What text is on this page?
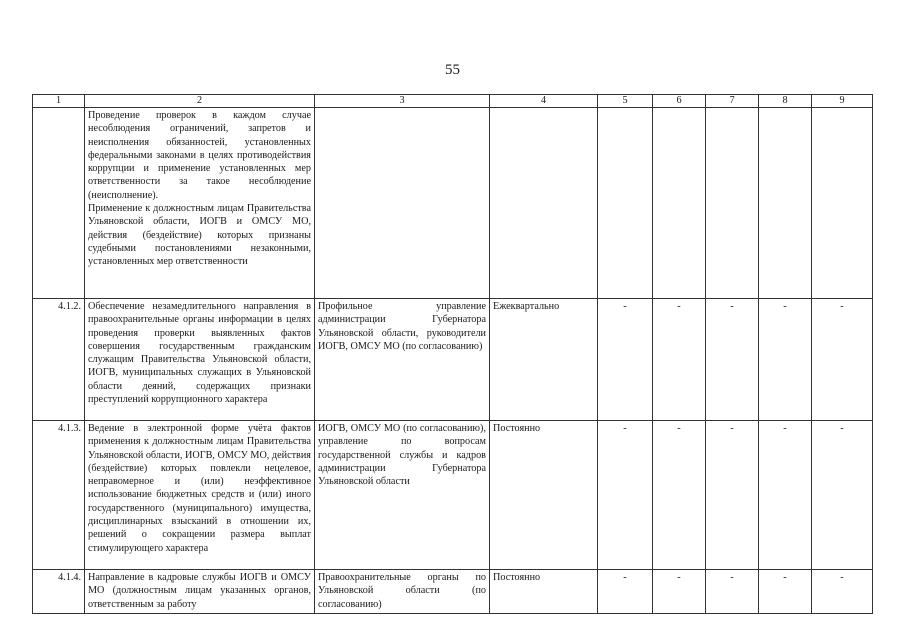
55
1	2	3	4	5	6	7	8	9

	Проведение проверок в каждом случае несоблюдения ограничений, запретов и неисполнения обязанностей, установленных федеральными законами в целях противодействия коррупции и применение установленных мер ответственности за такое несоблюдение (неисполнение).
Применение к должностным лицам Правительства Ульяновской области, ИОГВ и ОМСУ МО, действия (бездействие) которых признаны судебными постановлениями незаконными, установленных мер ответственности							

4.1.2.	Обеспечение незамедлительного направления в правоохранительные органы информации в целях проведения проверки выявленных фактов совершения государственным гражданским служащим Правительства Ульяновской области, ИОГВ, муниципальных служащих в Ульяновской области деяний, содержащих признаки преступлений коррупционного характера	Профильное управление администрации Губернатора Ульяновской области, руководители ИОГВ, ОМСУ МО (по согласованию)	Ежеквартально	-	-	-	-	-
4.1.3.	Ведение в электронной форме учёта фактов применения к должностным лицам Правительства Ульяновской области, ИОГВ, ОМСУ МО, действия (бездействие) которых повлекли нецелевое, неправомерное и (или) неэффективное использование бюджетных средств и (или) иного государственного (муниципального) имущества, дисциплинарных взысканий в отношении их, решений о сокращении размера выплат стимулирующего характера	ИОГВ, ОМСУ МО (по согласованию), управление по вопросам государственной службы и кадров администрации Губернатора Ульяновской области	Постоянно	-	-	-	-	-
4.1.4.	Направление в кадровые службы ИОГВ и ОМСУ МО (должностным лицам указанных органов, ответственным за работу	Правоохранительные органы по Ульяновской области (по согласованию)	Постоянно	-	-	-	-	-
